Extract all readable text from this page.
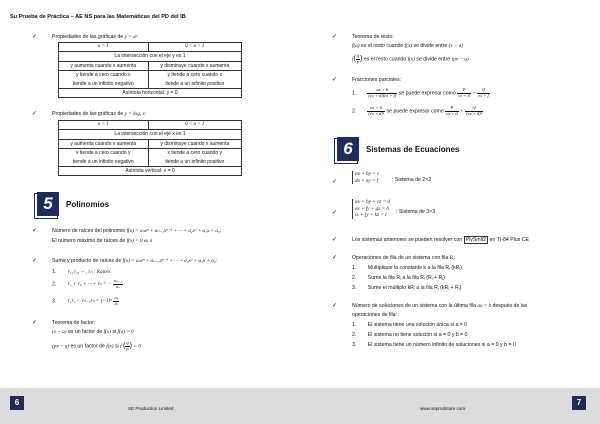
Su Prueba de Práctica – AE NS para las Matemáticas del PD del IB
✓	Propiedades de las gráficas de y = aˣ:
a > 1	0 < a < 1
La intersección con el eje y es 1	
y aumenta cuando x aumenta	y disminuye cuando x aumenta
y tiende a cero cuando x	y tiende a cero cuando x
tiende a un infinito negativo	tiende a un infinito positivo
Asíntota horizontal: y = 0	
✓	Propiedades de las gráficas de y = logₐ x:
a > 1	0 < a < 1
La intersección con el eje x es 1	
y aumenta cuando x aumenta	y disminuye cuando x aumenta
x tiende a cero cuando y	x tiende a cero cuando y
tiende a un infinito negativo	tiende a un infinito positivo
Asíntota vertical: x = 0	
5	Polinomios
✓	Número de raíces del polinomio f(x) = aₙxⁿ + aₙ₋₁xⁿ⁻¹ + ··· + a₂x² + a₁x + a₀:
El número máximo de raíces de f(x) = 0 es n
✓	Suma y producto de raíces de f(x) = aₙxⁿ + aₙ₋₁xⁿ⁻¹ + ··· + a₂x² + a₁x + a₀:
1. r₁, r₂, ··· , rₙ : Raíces
2. r₁ + r₂ + ··· + rₙ = − $\frac{\text{aₙ₋₁}}{\text{aₙ}}$
3. r₁r₂ ··· $r_{n-1}r_n = (-1)^n \frac{\text{a₀}}{\text{aₙ}}$
✓	Teorema de factor:
(x − a) es un factor de f(x) si f(a) = 0
(px − q) es un factor de f(x) si f ( $\frac{q}{p}$ ) = 0
6
SE Production Limited
✓	Teorema de resto:
f(a) es el resto cuando f(x) se divide entre (x − a)
$f( \frac{q}{p}$ ) es el resto cuando f(x) se divide entre (px − q)
✓	Fracciones parciales:
1. $\frac{ax + b}{(cx + d)(ex + f)}$ se puede expresar como $\frac{P}{cx + d} + \frac{Q}{ex + f}$
2. $\frac{ax + b}{\text{(cx + d)²}}$ se puede expresar como $\frac{P}{cx + d} + \frac{Q}{\text{(cx + d)²}}$
6	Sistemas de Ecuaciones
✓
ax + by = c
dx + ey = f	: Sistema de 2×2
✓
ax + by + cz = d
ex + fy + gz = h
ix + jy + kz = l	: Sistema de 3×3
✓	Los sistemas anteriores se pueden resolver con PlySmlt2 en TI-84 Plus CE
✓	Operaciones de fila de un sistema con fila Rᵢ:
1. Multiplique la constante k a la fila Rᵢ (kRᵢ)
2. Sume la fila Rⱼ a la fila Rᵢ (Rᵢ + Rⱼ)
3. Sume el múltiplo kRⱼ a la fila Rᵢ (kRⱼ + Rᵢ)
✓	Número de soluciones de un sistema con la última fila ax = b después de las
operaciones de fila:
1. El sistema tiene una solución única si a ≠ 0
2. El sistema no tiene solución si a = 0 y b ≠ 0
3. El sistema tiene un número infinito de soluciones si a = 0 y b = 0
www.seprodstore.com
7
